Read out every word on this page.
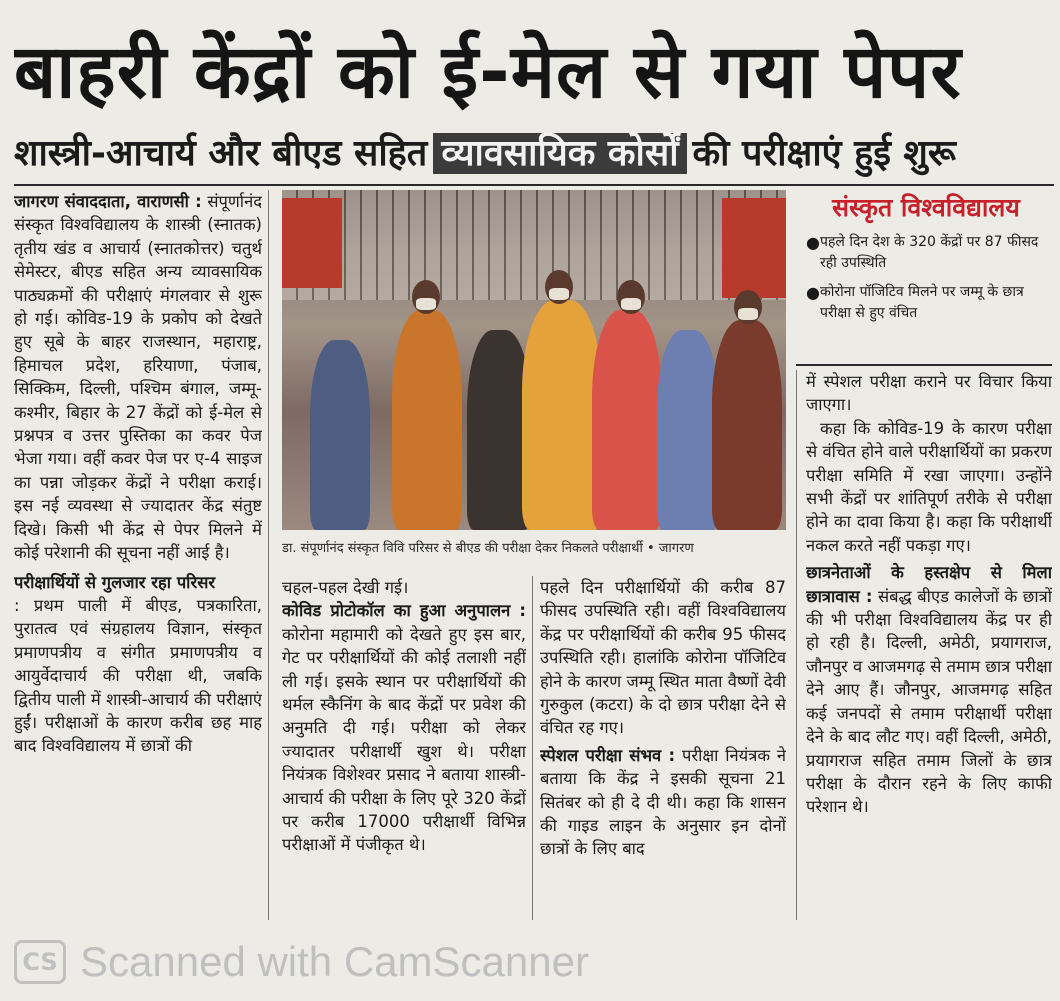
बाहरी केंद्रों को ई-मेल से गया पेपर
शास्त्री-आचार्य और बीएड सहित व्यावसायिक कोर्सों की परीक्षाएं हुई शुरू

जागरण संवाददाता, वाराणसी : संपूर्णानंद संस्कृत विश्वविद्यालय के शास्त्री (स्नातक) तृतीय खंड व आचार्य (स्नातकोत्तर) चतुर्थ सेमेस्टर, बीएड सहित अन्य व्यावसायिक पाठ्यक्रमों की परीक्षाएं मंगलवार से शुरू हो गई। कोविड-19 के प्रकोप को देखते हुए सूबे के बाहर राजस्थान, महाराष्ट्र, हिमाचल प्रदेश, हरियाणा, पंजाब, सिक्किम, दिल्ली, पश्चिम बंगाल, जम्मू-कश्मीर, बिहार के 27 केंद्रों को ई-मेल से प्रश्नपत्र व उत्तर पुस्तिका का कवर पेज भेजा गया। वहीं कवर पेज पर ए-4 साइज का पन्ना जोड़कर केंद्रों ने परीक्षा कराई। इस नई व्यवस्था से ज्यादातर केंद्र संतुष्ट दिखे। किसी भी केंद्र से पेपर मिलने में कोई परेशानी की सूचना नहीं आई है।

परीक्षार्थियों से गुलजार रहा परिसर

: प्रथम पाली में बीएड, पत्रकारिता, पुरातत्व एवं संग्रहालय विज्ञान, संस्कृत प्रमाणपत्रीय व संगीत प्रमाणपत्रीय व आयुर्वेदाचार्य की परीक्षा थी, जबकि द्वितीय पाली में शास्त्री-आचार्य की परीक्षाएं हुईं। परीक्षाओं के कारण करीब छह माह बाद विश्वविद्यालय में छात्रों की

डा. संपूर्णानंद संस्कृत विवि परिसर से बीएड की परीक्षा देकर निकलते परीक्षार्थी • जागरण
संस्कृत विश्वविद्यालय
● पहले दिन देश के 320 केंद्रों पर 87 फीसद रही उपस्थिति
● कोरोना पॉजिटिव मिलने पर जम्मू के छात्र परीक्षा से हुए वंचित

में स्पेशल परीक्षा कराने पर विचार किया जाएगा।

कहा कि कोविड-19 के कारण परीक्षा से वंचित होने वाले परीक्षार्थियों का प्रकरण परीक्षा समिति में रखा जाएगा। उन्होंने सभी केंद्रों पर शांतिपूर्ण तरीके से परीक्षा होने का दावा किया है। कहा कि परीक्षार्थी नकल करते नहीं पकड़ा गए।

छात्रनेताओं के हस्तक्षेप से मिला छात्रावास : संबद्ध बीएड कालेजों के छात्रों की भी परीक्षा विश्वविद्यालय केंद्र पर ही हो रही है। दिल्ली, अमेठी, प्रयागराज, जौनपुर व आजमगढ़ से तमाम छात्र परीक्षा देने आए हैं। जौनपुर, आजमगढ़ सहित कई जनपदों से तमाम परीक्षार्थी परीक्षा देने के बाद लौट गए। वहीं दिल्ली, अमेठी, प्रयागराज सहित तमाम जिलों के छात्र परीक्षा के दौरान रहने के लिए काफी परेशान थे।

चहल-पहल देखी गई।

कोविड प्रोटोकॉल का हुआ अनुपालन : कोरोना महामारी को देखते हुए इस बार, गेट पर परीक्षार्थियों की कोई तलाशी नहीं ली गई। इसके स्थान पर परीक्षार्थियों की थर्मल स्कैनिंग के बाद केंद्रों पर प्रवेश की अनुमति दी गई। परीक्षा को लेकर ज्यादातर परीक्षार्थी खुश थे। परीक्षा नियंत्रक विशेश्वर प्रसाद ने बताया शास्त्री-आचार्य की परीक्षा के लिए पूरे 320 केंद्रों पर करीब 17000 परीक्षार्थी विभिन्न परीक्षाओं में पंजीकृत थे।

पहले दिन परीक्षार्थियों की करीब 87 फीसद उपस्थिति रही। वहीं विश्वविद्यालय केंद्र पर परीक्षार्थियों की करीब 95 फीसद उपस्थिति रही। हालांकि कोरोना पॉजिटिव होने के कारण जम्मू स्थित माता वैष्णों देवी गुरुकुल (कटरा) के दो छात्र परीक्षा देने से वंचित रह गए।

स्पेशल परीक्षा संभव : परीक्षा नियंत्रक ने बताया कि केंद्र ने इसकी सूचना 21 सितंबर को ही दे दी थी। कहा कि शासन की गाइड लाइन के अनुसार इन दोनों छात्रों के लिए बाद

CS Scanned with CamScanner
